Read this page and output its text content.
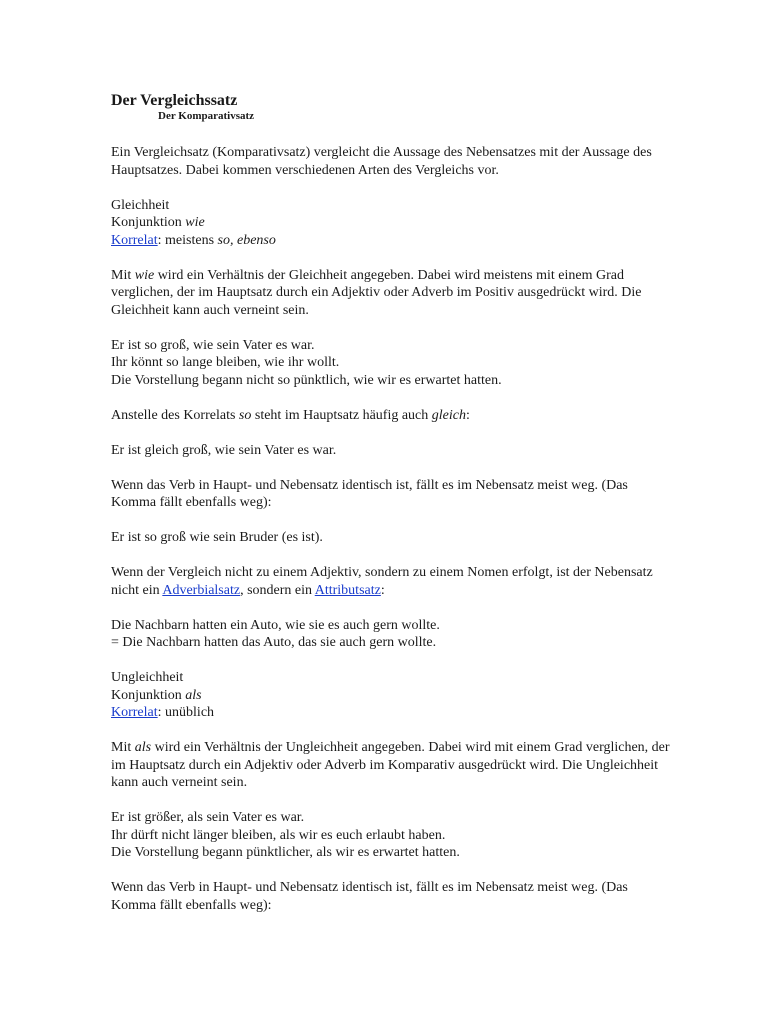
Der Vergleichssatz
Der Komparativsatz

Ein Vergleichsatz (Komparativsatz) vergleicht die Aussage des Nebensatzes mit der Aussage des Hauptsatzes. Dabei kommen verschiedenen Arten des Vergleichs vor.

Gleichheit

Konjunktion wie

Korrelat: meistens so, ebenso

Mit wie wird ein Verhältnis der Gleichheit angegeben. Dabei wird meistens mit einem Grad verglichen, der im Hauptsatz durch ein Adjektiv oder Adverb im Positiv ausgedrückt wird. Die Gleichheit kann auch verneint sein.

Er ist so groß, wie sein Vater es war.

Ihr könnt so lange bleiben, wie ihr wollt.

Die Vorstellung begann nicht so pünktlich, wie wir es erwartet hatten.

Anstelle des Korrelats so steht im Hauptsatz häufig auch gleich:

Er ist gleich groß, wie sein Vater es war.

Wenn das Verb in Haupt- und Nebensatz identisch ist, fällt es im Nebensatz meist weg. (Das Komma fällt ebenfalls weg):

Er ist so groß wie sein Bruder (es ist).

Wenn der Vergleich nicht zu einem Adjektiv, sondern zu einem Nomen erfolgt, ist der Nebensatz nicht ein Adverbialsatz, sondern ein Attributsatz:

Die Nachbarn hatten ein Auto, wie sie es auch gern wollte.

= Die Nachbarn hatten das Auto, das sie auch gern wollte.

Ungleichheit

Konjunktion als

Korrelat: unüblich

Mit als wird ein Verhältnis der Ungleichheit angegeben. Dabei wird mit einem Grad verglichen, der im Hauptsatz durch ein Adjektiv oder Adverb im Komparativ ausgedrückt wird. Die Ungleichheit kann auch verneint sein.

Er ist größer, als sein Vater es war.

Ihr dürft nicht länger bleiben, als wir es euch erlaubt haben.

Die Vorstellung begann pünktlicher, als wir es erwartet hatten.

Wenn das Verb in Haupt- und Nebensatz identisch ist, fällt es im Nebensatz meist weg. (Das Komma fällt ebenfalls weg):
